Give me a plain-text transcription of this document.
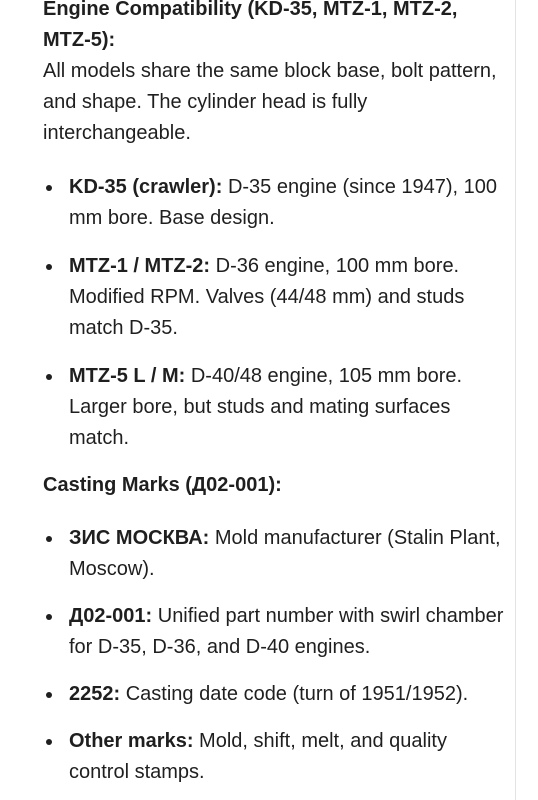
Engine Compatibility (KD-35, MTZ-1, MTZ-2, MTZ-5):

All models share the same block base, bolt pattern, and shape. The cylinder head is fully interchangeable.

KD-35 (crawler): D-35 engine (since 1947), 100 mm bore. Base design.
MTZ-1 / MTZ-2: D-36 engine, 100 mm bore. Modified RPM. Valves (44/48 mm) and studs match D-35.
MTZ-5 L / M: D-40/48 engine, 105 mm bore. Larger bore, but studs and mating surfaces match.

Casting Marks (Д02-001):

ЗИС МОСКВА: Mold manufacturer (Stalin Plant, Moscow).
Д02-001: Unified part number with swirl chamber for D-35, D-36, and D-40 engines.
2252: Casting date code (turn of 1951/1952).
Other marks: Mold, shift, melt, and quality control stamps.
